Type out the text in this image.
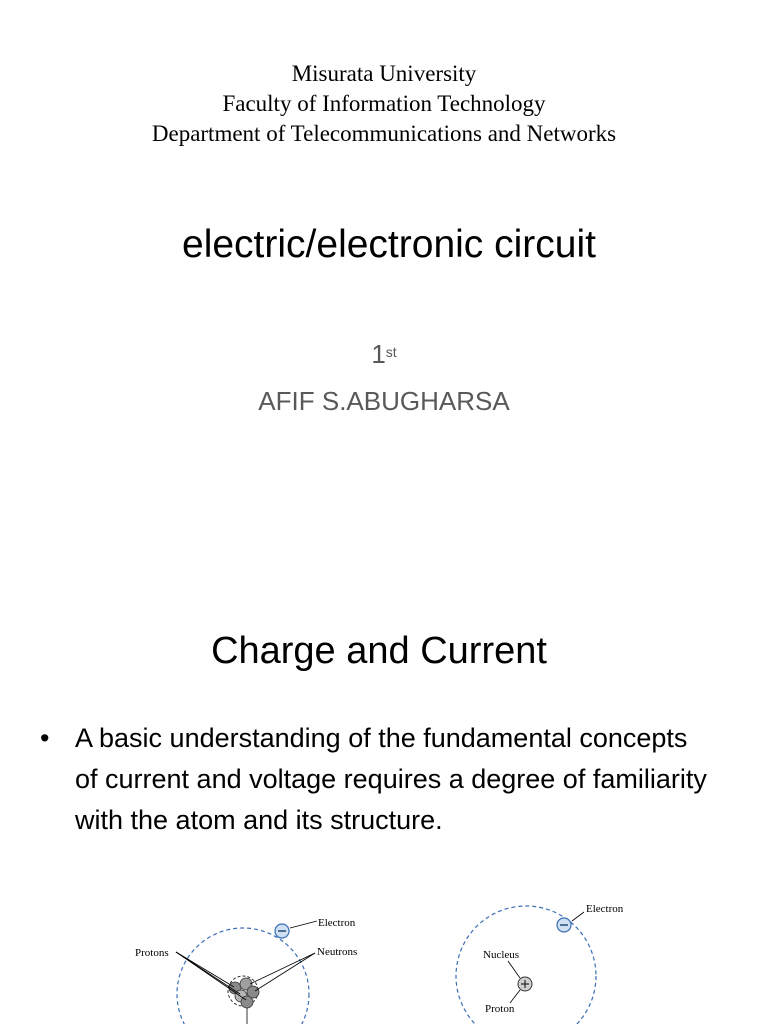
Misurata University
Faculty of Information Technology
Department of Telecommunications and Networks
electric/electronic circuit
1st
AFIF S.ABUGHARSA
Charge and Current
• A basic understanding of the fundamental concepts of current and voltage requires a degree of familiarity with the atom and its structure.
Electron
Protons	Neutrons
Electron
Nucleus
Proton
